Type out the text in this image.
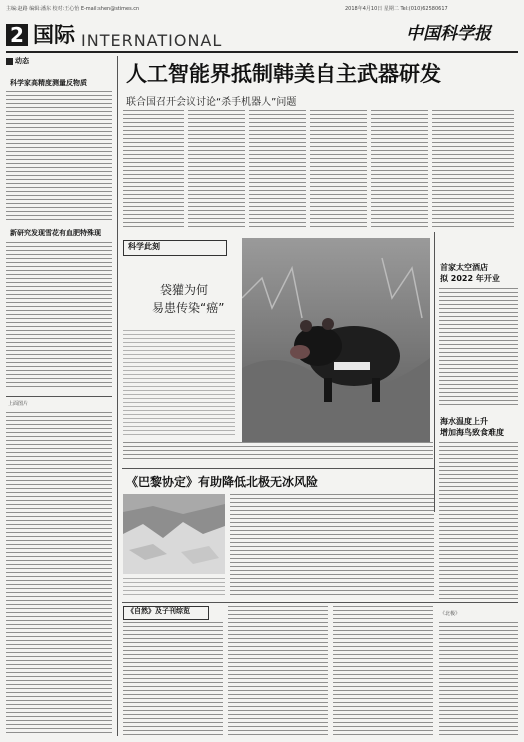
主编:赵路 编辑:潘东 校对:王心怡 E-mail:shen@stimes.cn	2018年4月10日 星期二 Tel:(010)62580617
2 国际 INTERNATIONAL	中国科学报
动态
科学家高精度测量反物质
新研究发现雪花有血肥特殊现
上面图片
人工智能界抵制韩美自主武器研发
联合国召开会议讨论“杀手机器人”问题
科学此刻
袋獾为何
易患传染“癌”
首家太空酒店
拟 2022 年开业
海水温度上升
增加海鸟致食难度
《巴黎协定》有助降低北极无冰风险
《自然》及子刊综览	《北极》
